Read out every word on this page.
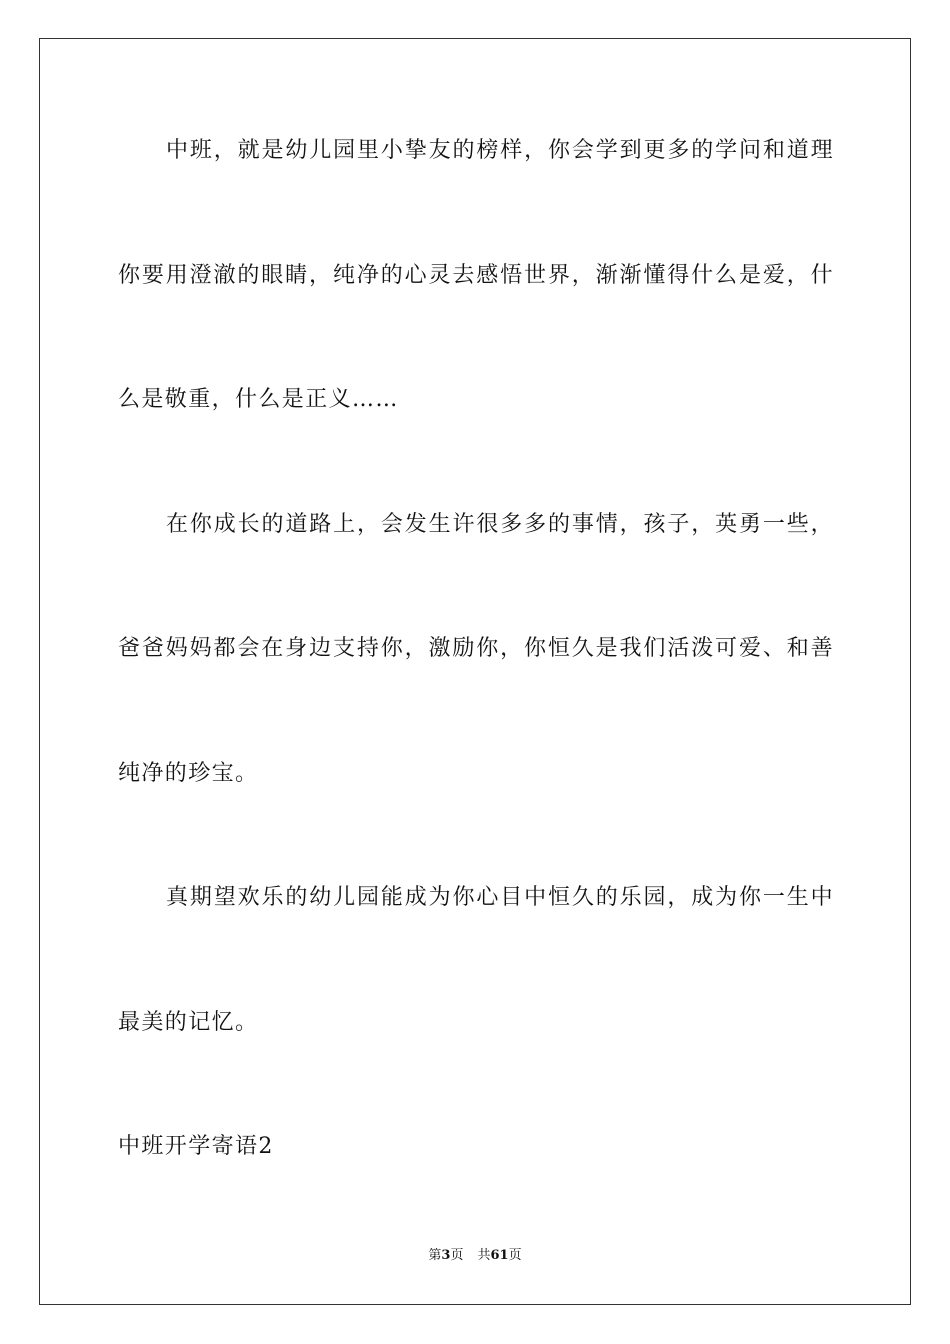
中班，就是幼儿园里小挚友的榜样，你会学到更多的学问和道理
你要用澄澈的眼睛，纯净的心灵去感悟世界，渐渐懂得什么是爱，什
么是敬重，什么是正义……
在你成长的道路上，会发生许很多多的事情，孩子，英勇一些，
爸爸妈妈都会在身边支持你，激励你，你恒久是我们活泼可爱、和善
纯净的珍宝。
真期望欢乐的幼儿园能成为你心目中恒久的乐园，成为你一生中
最美的记忆。
中班开学寄语2
第3页 共61页
